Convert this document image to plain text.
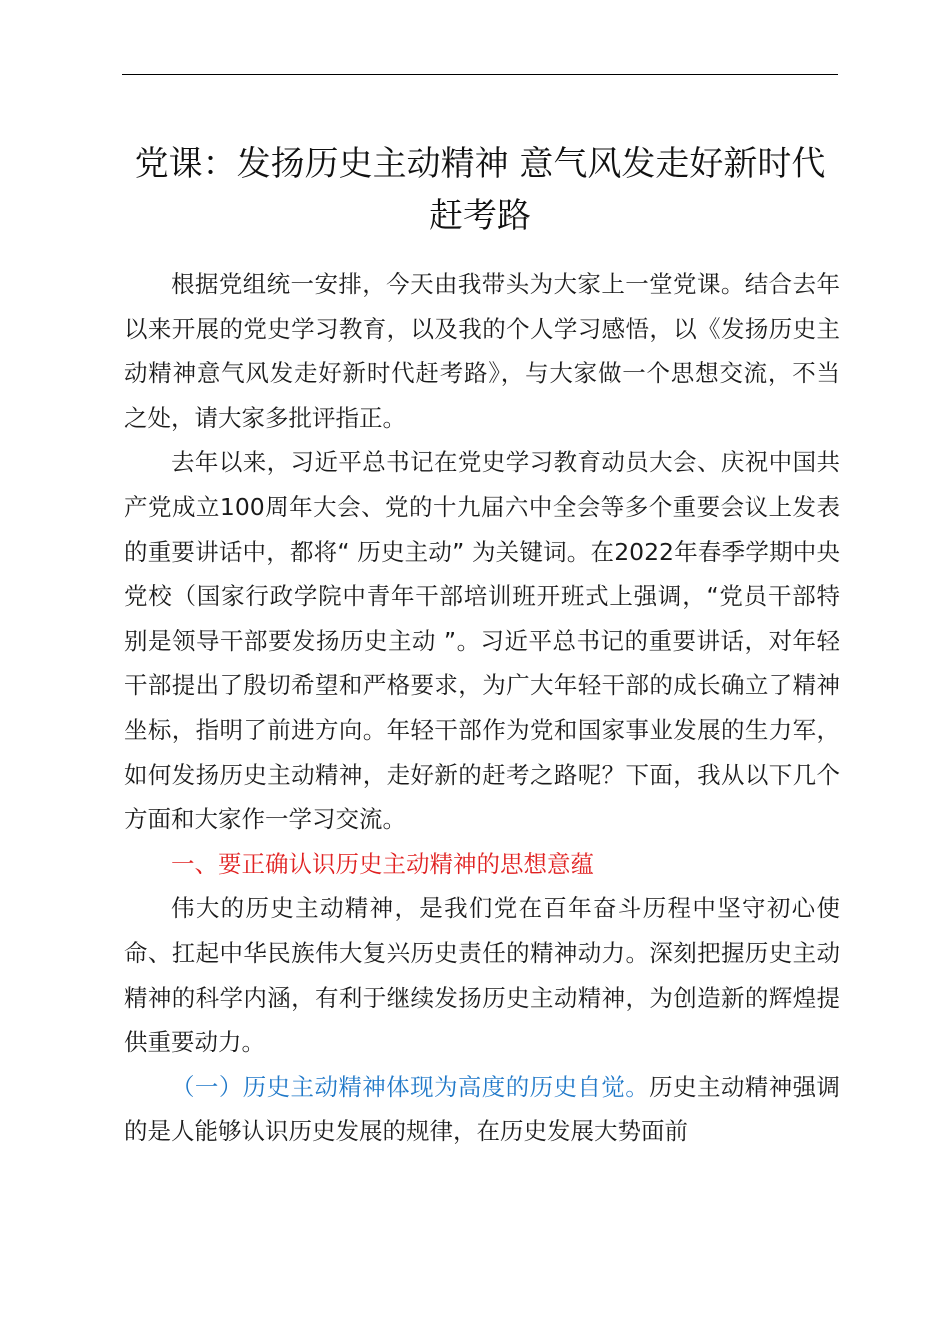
党课：发扬历史主动精神 意气风发走好新时代
赶考路

根据党组统一安排，今天由我带头为大家上一堂党课。结合去年以来开展的党史学习教育，以及我的个人学习感悟，以《发扬历史主动精神意气风发走好新时代赶考路》，与大家做一个思想交流，不当之处，请大家多批评指正。

去年以来，习近平总书记在党史学习教育动员大会、庆祝中国共产党成立100周年大会、党的十九届六中全会等多个重要会议上发表的重要讲话中，都将“ 历史主动” 为关键词。在2022年春季学期中央党校（国家行政学院中青年干部培训班开班式上强调，“党员干部特别是领导干部要发扬历史主动 ”。习近平总书记的重要讲话，对年轻干部提出了殷切希望和严格要求，为广大年轻干部的成长确立了精神坐标，指明了前进方向。年轻干部作为党和国家事业发展的生力军，如何发扬历史主动精神，走好新的赶考之路呢？下面，我从以下几个方面和大家作一学习交流。

一、要正确认识历史主动精神的思想意蕴

伟大的历史主动精神，是我们党在百年奋斗历程中坚守初心使命、扛起中华民族伟大复兴历史责任的精神动力。深刻把握历史主动精神的科学内涵，有利于继续发扬历史主动精神，为创造新的辉煌提供重要动力。

（一）历史主动精神体现为高度的历史自觉。历史主动精神强调的是人能够认识历史发展的规律，在历史发展大势面前
